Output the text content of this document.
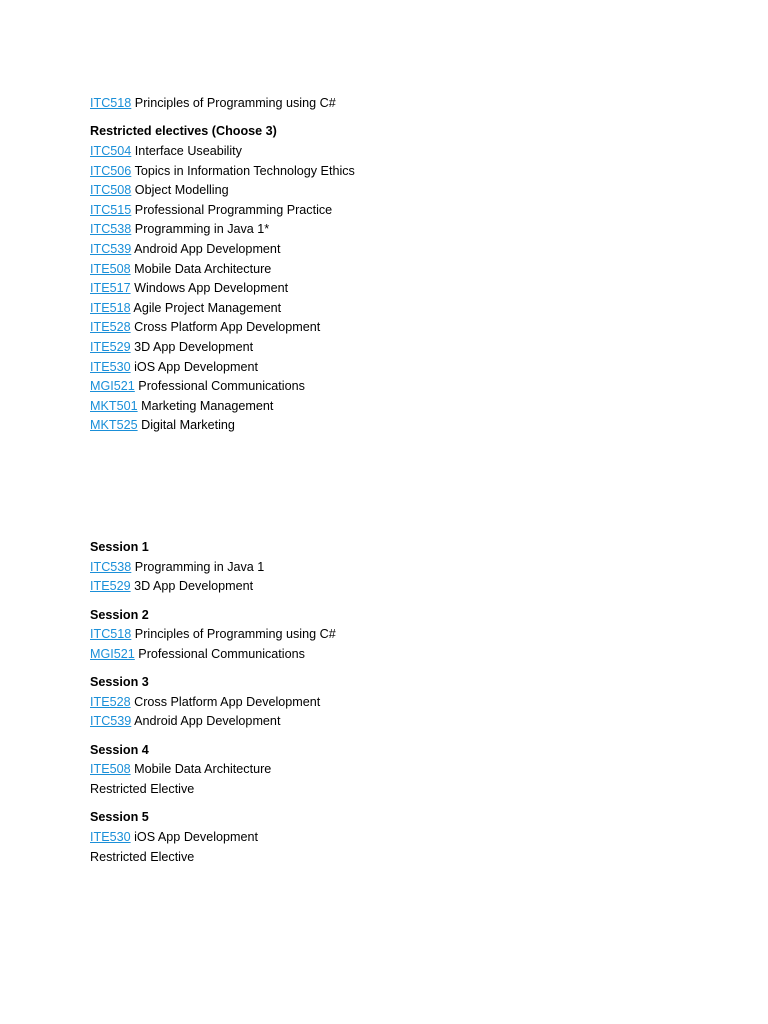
ITC518 Principles of Programming using C#
Restricted electives (Choose 3)
ITC504 Interface Useability
ITC506 Topics in Information Technology Ethics
ITC508 Object Modelling
ITC515 Professional Programming Practice
ITC538 Programming in Java 1*
ITC539 Android App Development
ITE508 Mobile Data Architecture
ITE517 Windows App Development
ITE518 Agile Project Management
ITE528 Cross Platform App Development
ITE529 3D App Development
ITE530 iOS App Development
MGI521 Professional Communications
MKT501 Marketing Management
MKT525 Digital Marketing
Session 1
ITC538 Programming in Java 1
ITE529 3D App Development
Session 2
ITC518 Principles of Programming using C#
MGI521 Professional Communications
Session 3
ITE528 Cross Platform App Development
ITC539 Android App Development
Session 4
ITE508 Mobile Data Architecture
Restricted Elective
Session 5
ITE530 iOS App Development
Restricted Elective
